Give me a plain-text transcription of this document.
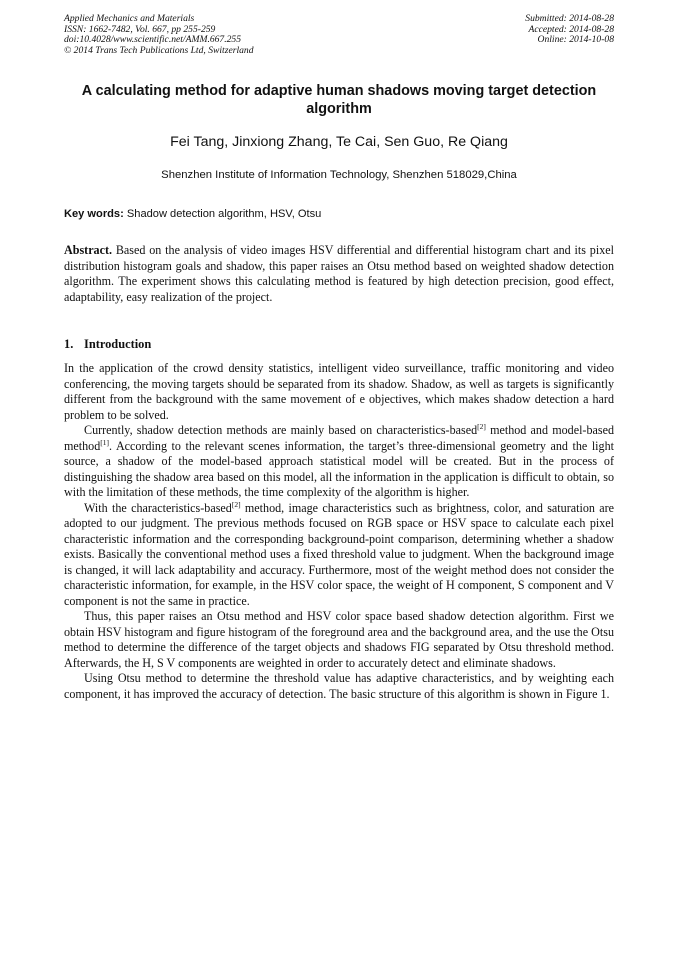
Applied Mechanics and Materials
ISSN: 1662-7482, Vol. 667, pp 255-259
doi:10.4028/www.scientific.net/AMM.667.255
© 2014 Trans Tech Publications Ltd, Switzerland
Submitted: 2014-08-28
Accepted: 2014-08-28
Online: 2014-10-08
A calculating method for adaptive human shadows moving target detection algorithm
Fei Tang, Jinxiong Zhang, Te Cai, Sen Guo, Re Qiang
Shenzhen Institute of Information Technology, Shenzhen 518029,China
Key words: Shadow detection algorithm, HSV, Otsu
Abstract. Based on the analysis of video images HSV differential and differential histogram chart and its pixel distribution histogram goals and shadow, this paper raises an Otsu method based on weighted shadow detection algorithm. The experiment shows this calculating method is featured by high detection precision, good effect, adaptability, easy realization of the project.
1. Introduction

In the application of the crowd density statistics, intelligent video surveillance, traffic monitoring and video conferencing, the moving targets should be separated from its shadow. Shadow, as well as targets is significantly different from the background with the same movement of e objectives, which makes shadow detection a hard problem to be solved.

Currently, shadow detection methods are mainly based on characteristics-based[2] method and model-based method[1]. According to the relevant scenes information, the target’s three-dimensional geometry and the light source, a shadow of the model-based approach statistical model will be created. But in the process of distinguishing the shadow area based on this model, all the information in the application is difficult to obtain, so with the limitation of these methods, the time complexity of the algorithm is higher.

With the characteristics-based[2] method, image characteristics such as brightness, color, and saturation are adopted to our judgment. The previous methods focused on RGB space or HSV space to calculate each pixel characteristic information and the corresponding background-point comparison, determining whether a shadow exists. Basically the conventional method uses a fixed threshold value to judgment. When the background image is changed, it will lack adaptability and accuracy. Furthermore, most of the weight method does not consider the characteristic information, for example, in the HSV color space, the weight of H component, S component and V component is not the same in practice.

Thus, this paper raises an Otsu method and HSV color space based shadow detection algorithm. First we obtain HSV histogram and figure histogram of the foreground area and the background area, and the use the Otsu method to determine the difference of the target objects and shadows FIG separated by Otsu threshold method. Afterwards, the H, S V components are weighted in order to accurately detect and eliminate shadows.

Using Otsu method to determine the threshold value has adaptive characteristics, and by weighting each component, it has improved the accuracy of detection. The basic structure of this algorithm is shown in Figure 1.
